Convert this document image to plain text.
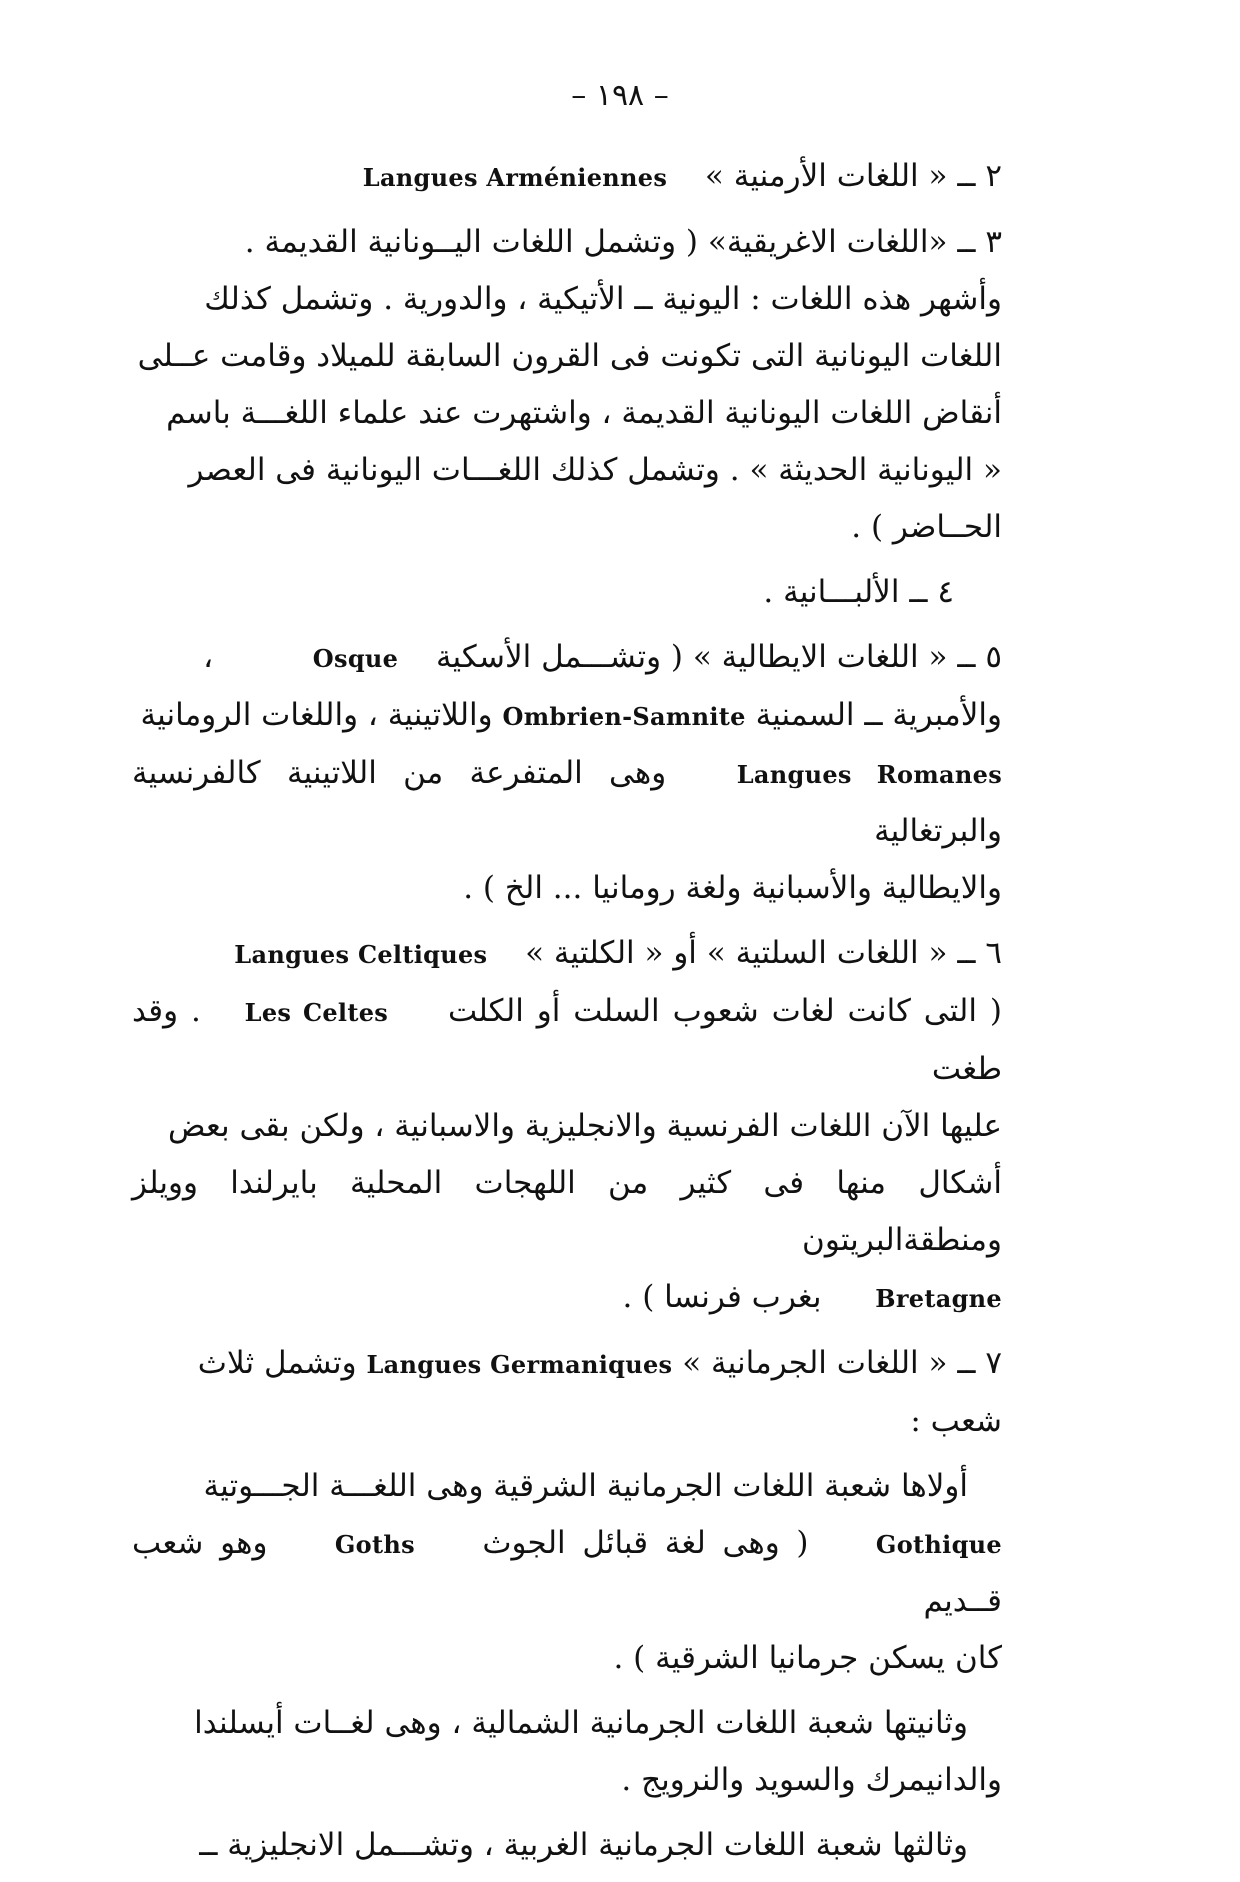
– ١٩٨ –

٢ ــ « اللغات الأرمنية »  Langues Arméniennes

٣ ــ «اللغات الاغريقية» ( وتشمل اللغات اليــونانية القديمة .
وأشهر هذه اللغات : اليونية ــ الأتيكية ، والدورية . وتشمل كذلك
اللغات اليونانية التى تكونت فى القرون السابقة للميلاد وقامت عــلى
أنقاض اللغات اليونانية القديمة ، واشتهرت عند علماء اللغـــة باسم
« اليونانية الحديثة » . وتشمل كذلك اللغـــات اليونانية فى العصر
الحــاضر ) .

٤ ــ الألبـــانية .

٥ ــ « اللغات الايطالية » ( وتشـــمل الأسكية  Osque  ،
والأمبرية ــ السمنية Ombrien-Samnite واللاتينية ، واللغات الرومانية
Langues Romanes  وهى المتفرعة من اللاتينية كالفرنسية والبرتغالية
والايطالية والأسبانية ولغة رومانيا ... الخ ) .

٦ ــ « اللغات السلتية » أو « الكلتية »  Langues Celtiques
( التى كانت لغات شعوب السلت أو الكلت  Les Celtes  . وقد طغت
عليها الآن اللغات الفرنسية والانجليزية والاسبانية ، ولكن بقى بعض
أشكال منها فى كثير من اللهجات المحلية بايرلندا وويلز ومنطقةالبريتون
Bretagne  بغرب فرنسا ) .

٧ ــ « اللغات الجرمانية » Langues Germaniques وتشمل ثلاث
شعب :

أولاها شعبة اللغات الجرمانية الشرقية وهى اللغـــة الجـــوتية
Gothique  ( وهى لغة قبائل الجوث  Goths  وهو شعب قــديم
كان يسكن جرمانيا الشرقية ) .

وثانيتها شعبة اللغات الجرمانية الشمالية ، وهى لغــات أيسلندا
والدانيمرك والسويد والنرويج .

وثالثها شعبة اللغات الجرمانية الغربية ، وتشـــمل الانجليزية ــ
